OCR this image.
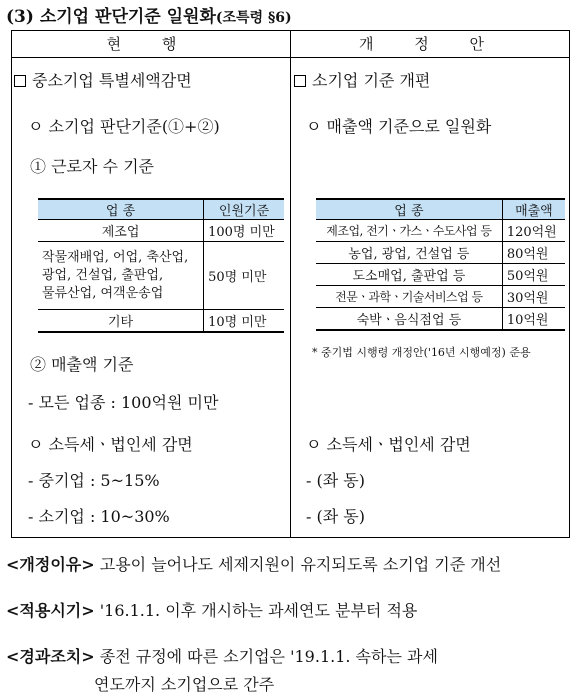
(3) 소기업 판단기준 일원화(조특령 §6)
현 행	개 정 안
중소기업 특별세액감면
ㅇ 소기업 판단기준(①+②)
① 근로자 수 기준
업 종	인원기준
제조업	100명 미만
작물재배업, 어업, 축산업,
광업, 건설업, 출판업,
물류산업, 여객운송업	50명 미만
기타	10명 미만
② 매출액 기준
- 모든 업종 : 100억원 미만
ㅇ 소득세ㆍ법인세 감면
- 중기업 : 5~15%
- 소기업 : 10~30%
소기업 기준 개편
ㅇ 매출액 기준으로 일원화
업 종	매출액
제조업, 전기ㆍ가스ㆍ수도사업 등	120억원
농업, 광업, 건설업 등	80억원
도소매업, 출판업 등	50억원
전문ㆍ과학ㆍ기술서비스업 등	30억원
숙박ㆍ음식점업 등	10억원
* 중기법 시행령 개정안('16년 시행예정) 준용
ㅇ 소득세ㆍ법인세 감면
- (좌 동)
- (좌 동)
<개정이유> 고용이 늘어나도 세제지원이 유지되도록 소기업 기준 개선
<적용시기> '16.1.1. 이후 개시하는 과세연도 분부터 적용
<경과조치> 종전 규정에 따른 소기업은 '19.1.1. 속하는 과세
연도까지 소기업으로 간주
